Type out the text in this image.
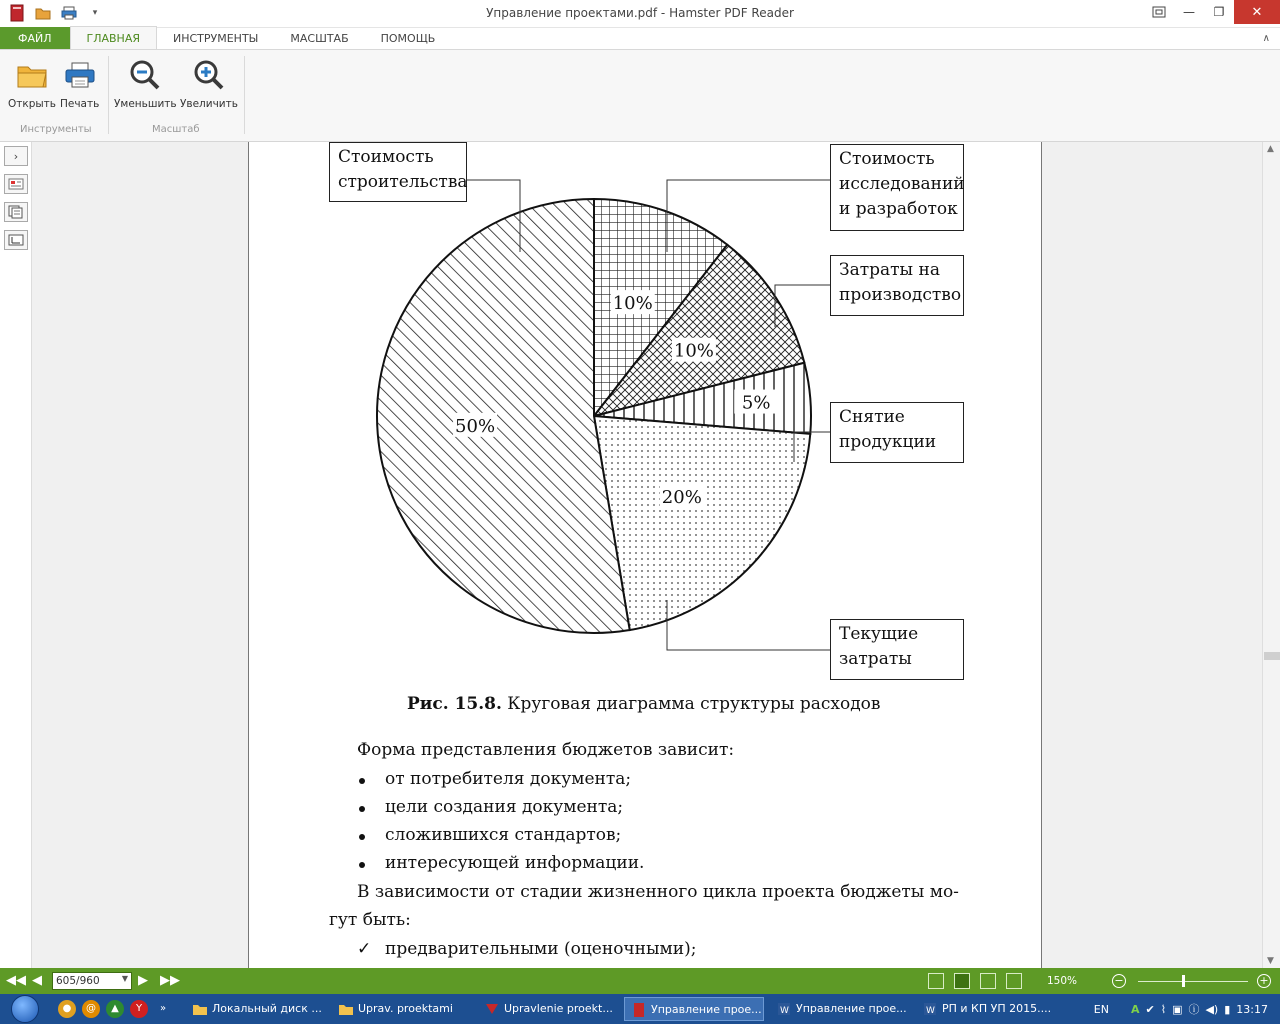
▾	Управление проектами.pdf - Hamster PDF Reader	—	❐	✕
ФАЙЛ	ГЛАВНАЯ	ИНСТРУМЕНТЫ	МАСШТАБ	ПОМОЩЬ	∧
Открыть Печать Уменьшить Увеличить
Инструменты	Масштаб
›
10%
10%
5%
20%
50%
Стоимость
строительства
Стоимость
исследований
и разработок
Затраты на
производство
Снятие
продукции
Текущие
затраты
Рис. 15.8. Круговая диаграмма структуры расходов
Форма представления бюджетов зависит:
от потребителя документа;
цели создания документа;
сложившихся стандартов;
интересующей информации.
В зависимости от стадии жизненного цикла проекта бюджеты мо-
гут быть:
✓ предварительными (оценочными);
▲
▼
◀◀ ◀	605/960	▼ ▶ ▶▶	150%	−	+
●	@	▲	Y	»	Локальный диск ...	Uprav. proektami	Upravlenie proekt...	Управление прое... W Управление прое...	W РП и КП УП 2015....	EN A ✔ ⌇ ▣ ⓘ ◀) ▮ 13:17
